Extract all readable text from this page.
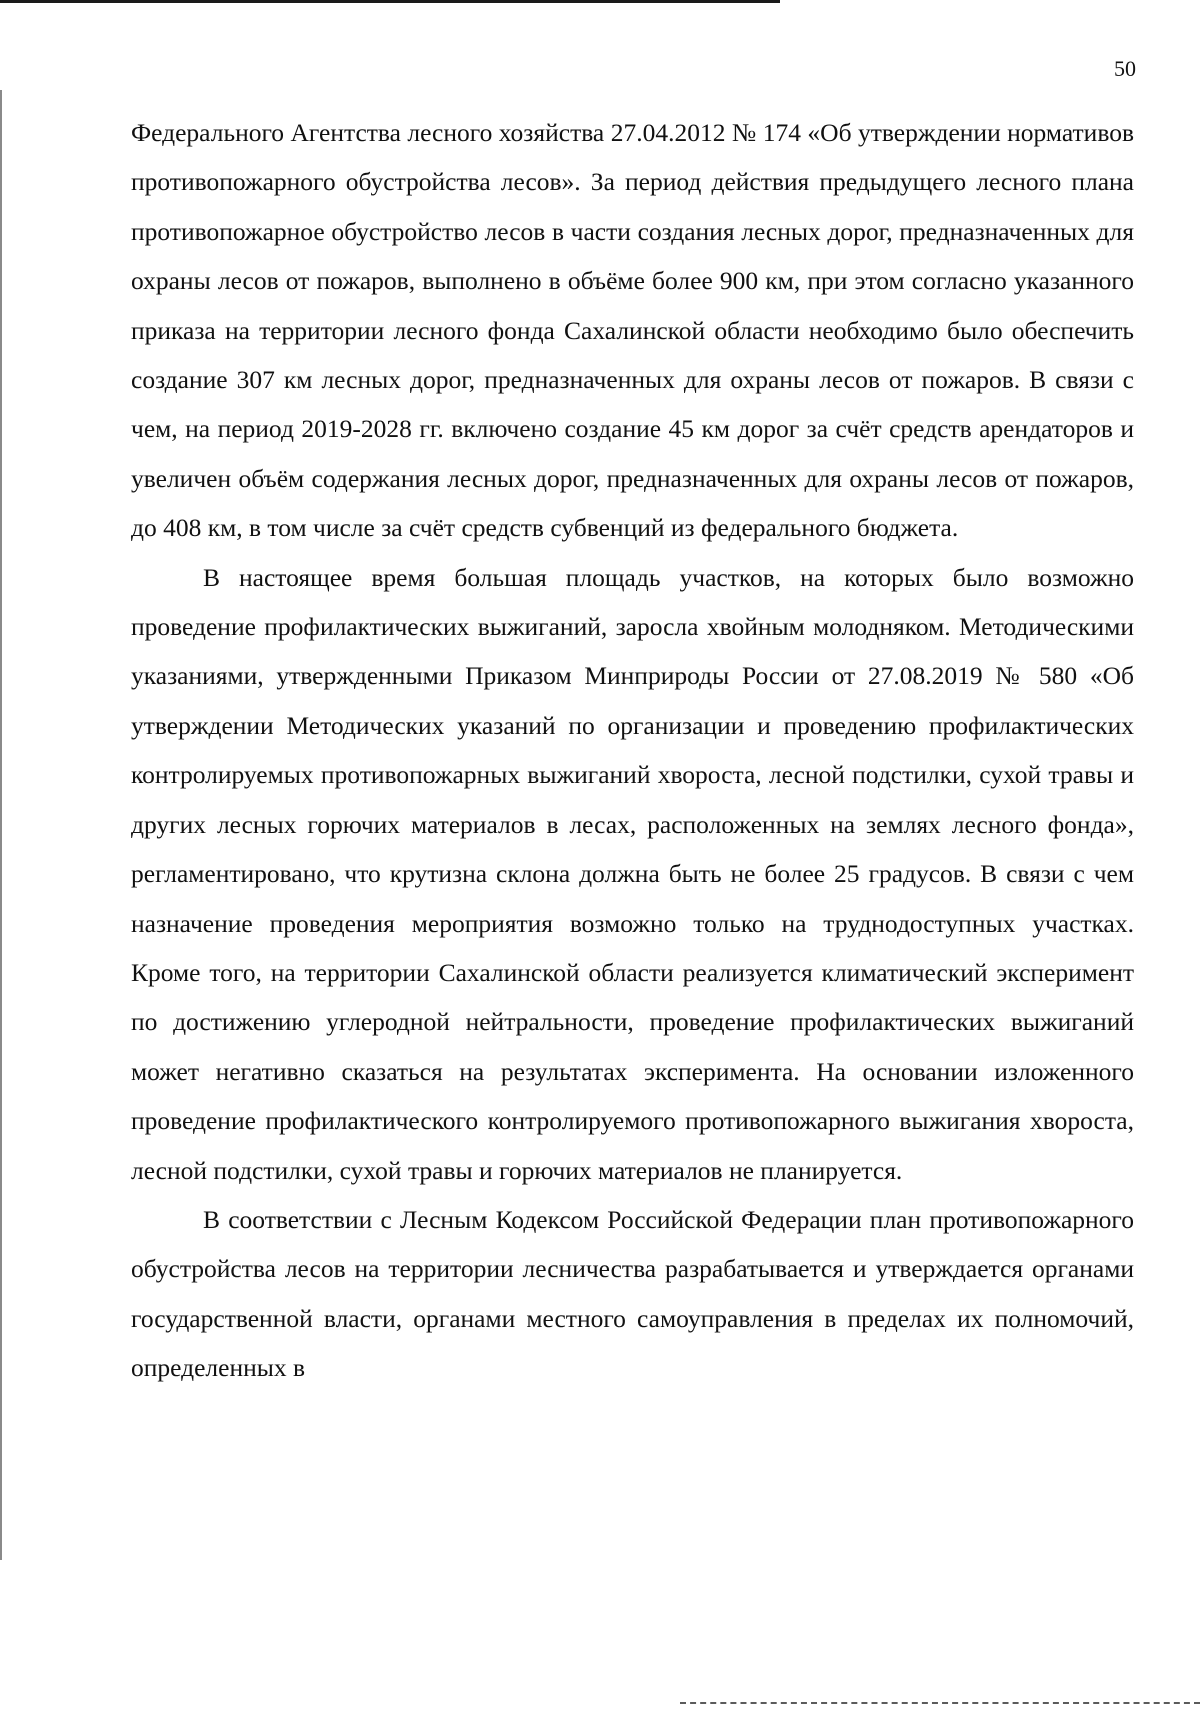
50

Федерального Агентства лесного хозяйства 27.04.2012 № 174 «Об утверждении нормативов противопожарного обустройства лесов». За период действия предыдущего лесного плана противопожарное обустройство лесов в части создания лесных дорог, предназначенных для охраны лесов от пожаров, выполнено в объёме более 900 км, при этом согласно указанного приказа на территории лесного фонда Сахалинской области необходимо было обеспечить создание 307 км лесных дорог, предназначенных для охраны лесов от пожаров. В связи с чем, на период 2019-2028 гг. включено создание 45 км дорог за счёт средств арендаторов и увеличен объём содержания лесных дорог, предназначенных для охраны лесов от пожаров, до 408 км, в том числе за счёт средств субвенций из федерального бюджета.

В настоящее время большая площадь участков, на которых было возможно проведение профилактических выжиганий, заросла хвойным молодняком. Методическими указаниями, утвержденными Приказом Минприроды России от 27.08.2019 № 580 «Об утверждении Методических указаний по организации и проведению профилактических контролируемых противопожарных выжиганий хвороста, лесной подстилки, сухой травы и других лесных горючих материалов в лесах, расположенных на землях лесного фонда», регламентировано, что крутизна склона должна быть не более 25 градусов. В связи с чем назначение проведения мероприятия возможно только на труднодоступных участках. Кроме того, на территории Сахалинской области реализуется климатический эксперимент по достижению углеродной нейтральности, проведение профилактических выжиганий может негативно сказаться на результатах эксперимента. На основании изложенного проведение профилактического контролируемого противопожарного выжигания хвороста, лесной подстилки, сухой травы и горючих материалов не планируется.

В соответствии с Лесным Кодексом Российской Федерации план противопожарного обустройства лесов на территории лесничества разрабатывается и утверждается органами государственной власти, органами местного самоуправления в пределах их полномочий, определенных в
